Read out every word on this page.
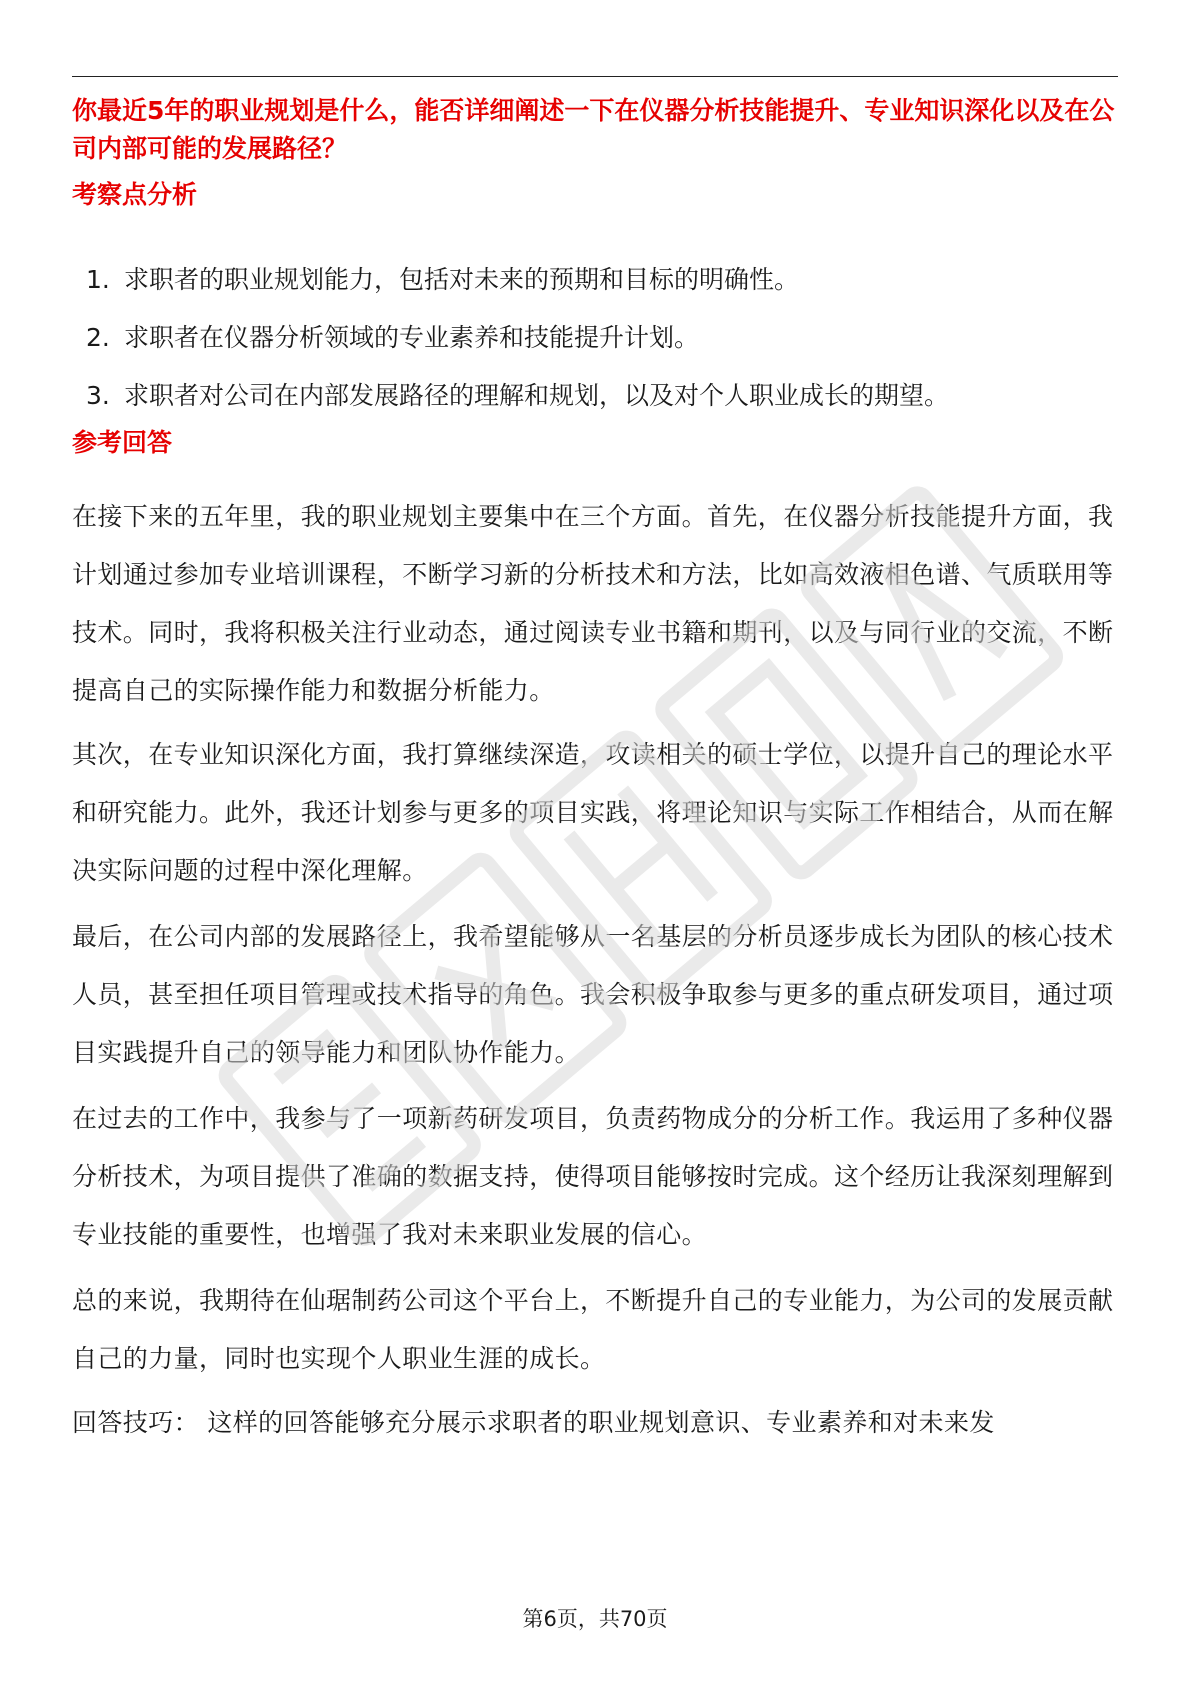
你最近5年的职业规划是什么，能否详细阐述一下在仪器分析技能提升、专业知识深化以及在公司内部可能的发展路径？

考察点分析

1. 求职者的职业规划能力，包括对未来的预期和目标的明确性。
2. 求职者在仪器分析领域的专业素养和技能提升计划。
3. 求职者对公司在内部发展路径的理解和规划，以及对个人职业成长的期望。

参考回答

在接下来的五年里，我的职业规划主要集中在三个方面。首先，在仪器分析技能提升方面，我计划通过参加专业培训课程，不断学习新的分析技术和方法，比如高效液相色谱、气质联用等技术。同时，我将积极关注行业动态，通过阅读专业书籍和期刊，以及与同行业的交流，不断提高自己的实际操作能力和数据分析能力。

其次，在专业知识深化方面，我打算继续深造，攻读相关的硕士学位，以提升自己的理论水平和研究能力。此外，我还计划参与更多的项目实践，将理论知识与实际工作相结合，从而在解决实际问题的过程中深化理解。

最后，在公司内部的发展路径上，我希望能够从一名基层的分析员逐步成长为团队的核心技术人员，甚至担任项目管理或技术指导的角色。我会积极争取参与更多的重点研发项目，通过项目实践提升自己的领导能力和团队协作能力。

在过去的工作中，我参与了一项新药研发项目，负责药物成分的分析工作。我运用了多种仪器分析技术，为项目提供了准确的数据支持，使得项目能够按时完成。这个经历让我深刻理解到专业技能的重要性，也增强了我对未来职业发展的信心。

总的来说，我期待在仙琚制药公司这个平台上，不断提升自己的专业能力，为公司的发展贡献自己的力量，同时也实现个人职业生涯的成长。

回答技巧： 这样的回答能够充分展示求职者的职业规划意识、专业素养和对未来发

第6页，共70页
